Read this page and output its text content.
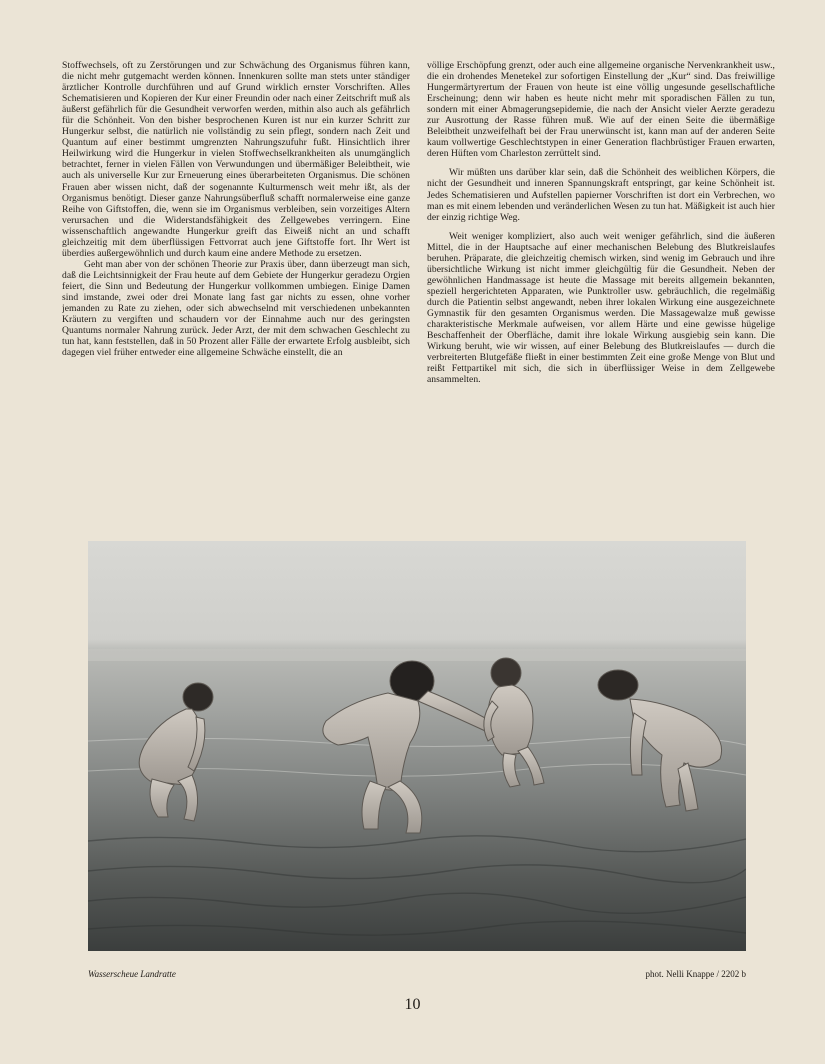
Stoffwechsels, oft zu Zerstörungen und zur Schwächung des Organismus führen kann, die nicht mehr gutgemacht werden können. Innenkuren sollte man stets unter ständiger ärztlicher Kontrolle durchführen und auf Grund wirklich ernster Vorschriften. Alles Schematisieren und Kopieren der Kur einer Freundin oder nach einer Zeitschrift muß als äußerst gefährlich für die Gesundheit verworfen werden, mithin also auch als gefährlich für die Schönheit. Von den bisher besprochenen Kuren ist nur ein kurzer Schritt zur Hungerkur selbst, die natürlich nie vollständig zu sein pflegt, sondern nach Zeit und Quantum auf einer bestimmt umgrenzten Nahrungszufuhr fußt. Hinsichtlich ihrer Heilwirkung wird die Hungerkur in vielen Stoffwechselkrankheiten als unumgänglich betrachtet, ferner in vielen Fällen von Verwundungen und übermäßiger Beleibtheit, wie auch als universelle Kur zur Erneuerung eines überarbeiteten Organismus. Die schönen Frauen aber wissen nicht, daß der sogenannte Kulturmensch weit mehr ißt, als der Organismus benötigt. Dieser ganze Nahrungsüberfluß schafft normalerweise eine ganze Reihe von Giftstoffen, die, wenn sie im Organismus verbleiben, sein vorzeitiges Altern verursachen und die Widerstandsfähigkeit des Zellgewebes verringern. Eine wissenschaftlich angewandte Hungerkur greift das Eiweiß nicht an und schafft gleichzeitig mit dem überflüssigen Fettvorrat auch jene Giftstoffe fort. Ihr Wert ist überdies außergewöhnlich und durch kaum eine andere Methode zu ersetzen.

Geht man aber von der schönen Theorie zur Praxis über, dann überzeugt man sich, daß die Leichtsinnigkeit der Frau heute auf dem Gebiete der Hungerkur geradezu Orgien feiert, die Sinn und Bedeutung der Hungerkur vollkommen umbiegen. Einige Damen sind imstande, zwei oder drei Monate lang fast gar nichts zu essen, ohne vorher jemanden zu Rate zu ziehen, oder sich abwechselnd mit verschiedenen unbekannten Kräutern zu vergiften und schaudern vor der Einnahme auch nur des geringsten Quantums normaler Nahrung zurück. Jeder Arzt, der mit dem schwachen Geschlecht zu tun hat, kann feststellen, daß in 50 Prozent aller Fälle der erwartete Erfolg ausbleibt, sich dagegen viel früher entweder eine allgemeine Schwäche einstellt, die an

völlige Erschöpfung grenzt, oder auch eine allgemeine organische Nervenkrankheit usw., die ein drohendes Menetekel zur sofortigen Einstellung der „Kur“ sind. Das freiwillige Hungermärtyrertum der Frauen von heute ist eine völlig ungesunde gesellschaftliche Erscheinung; denn wir haben es heute nicht mehr mit sporadischen Fällen zu tun, sondern mit einer Abmagerungsepidemie, die nach der Ansicht vieler Aerzte geradezu zur Ausrottung der Rasse führen muß. Wie auf der einen Seite die übermäßige Beleibtheit unzweifelhaft bei der Frau unerwünscht ist, kann man auf der anderen Seite kaum vollwertige Geschlechtstypen in einer Generation flachbrüstiger Frauen erwarten, deren Hüften vom Charleston zerrüttelt sind.

Wir müßten uns darüber klar sein, daß die Schönheit des weiblichen Körpers, die nicht der Gesundheit und inneren Spannungskraft entspringt, gar keine Schönheit ist. Jedes Schematisieren und Aufstellen papierner Vorschriften ist dort ein Verbrechen, wo man es mit einem lebenden und veränderlichen Wesen zu tun hat. Mäßigkeit ist auch hier der einzig richtige Weg.

Weit weniger kompliziert, also auch weit weniger gefährlich, sind die äußeren Mittel, die in der Hauptsache auf einer mechanischen Belebung des Blutkreislaufes beruhen. Präparate, die gleichzeitig chemisch wirken, sind wenig im Gebrauch und ihre übersichtliche Wirkung ist nicht immer gleichgültig für die Gesundheit. Neben der gewöhnlichen Handmassage ist heute die Massage mit bereits allgemein bekannten, speziell hergerichteten Apparaten, wie Punktroller usw. gebräuchlich, die regelmäßig durch die Patientin selbst angewandt, neben ihrer lokalen Wirkung eine ausgezeichnete Gymnastik für den gesamten Organismus werden. Die Massagewalze muß gewisse charakteristische Merkmale aufweisen, vor allem Härte und eine gewisse hügelige Beschaffenheit der Oberfläche, damit ihre lokale Wirkung ausgiebig sein kann. Die Wirkung beruht, wie wir wissen, auf einer Belebung des Blutkreislaufes — durch die verbreiterten Blutgefäße fließt in einer bestimmten Zeit eine große Menge von Blut und reißt Fettpartikel mit sich, die sich in überflüssiger Weise in dem Zellgewebe ansammelten.

Wasserscheue Landratte	phot. Nelli Knappe / 2202 b
10
